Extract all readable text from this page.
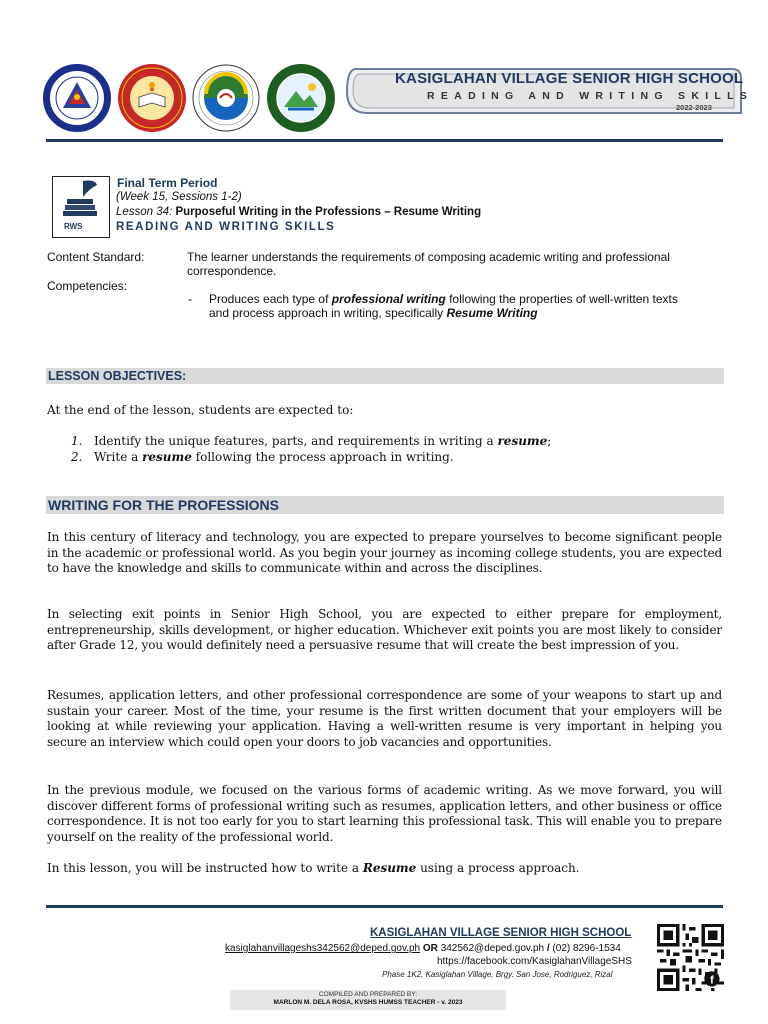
KASIGLAHAN VILLAGE SENIOR HIGH SCHOOL
READING AND WRITING SKILLS
2022-2023
RWS
Final Term Period
(Week 15, Sessions 1-2)
Lesson 34: Purposeful Writing in the Professions – Resume Writing
READING AND WRITING SKILLS
Content Standard:	The learner understands the requirements of composing academic writing and professional correspondence.
Competencies:
- Produces each type of professional writing following the properties of well-written texts
and process approach in writing, specifically Resume Writing
LESSON OBJECTIVES:
At the end of the lesson, students are expected to:
1. Identify the unique features, parts, and requirements in writing a resume;
2. Write a resume following the process approach in writing.
WRITING FOR THE PROFESSIONS
In this century of literacy and technology, you are expected to prepare yourselves to become significant people in the academic or professional world. As you begin your journey as incoming college students, you are expected to have the knowledge and skills to communicate within and across the disciplines.
In selecting exit points in Senior High School, you are expected to either prepare for employment, entrepreneurship, skills development, or higher education. Whichever exit points you are most likely to consider after Grade 12, you would definitely need a persuasive resume that will create the best impression of you.
Resumes, application letters, and other professional correspondence are some of your weapons to start up and sustain your career. Most of the time, your resume is the first written document that your employers will be looking at while reviewing your application. Having a well-written resume is very important in helping you secure an interview which could open your doors to job vacancies and opportunities.
In the previous module, we focused on the various forms of academic writing. As we move forward, you will discover different forms of professional writing such as resumes, application letters, and other business or office correspondence. It is not too early for you to start learning this professional task. This will enable you to prepare yourself on the reality of the professional world.
In this lesson, you will be instructed how to write a Resume using a process approach.
KASIGLAHAN VILLAGE SENIOR HIGH SCHOOL
kasiglahanvillageshs342562@deped.gov.ph OR 342562@deped.gov.ph / (02) 8296-1534
https://facebook.com/KasiglahanVillageSHS
Phase 1K2, Kasiglahan Village, Brgy. San Jose, Rodriguez, Rizal
COMPILED AND PREPARED BY:
MARLON M. DELA ROSA, KVSHS HUMSS TEACHER - v. 2023
f
